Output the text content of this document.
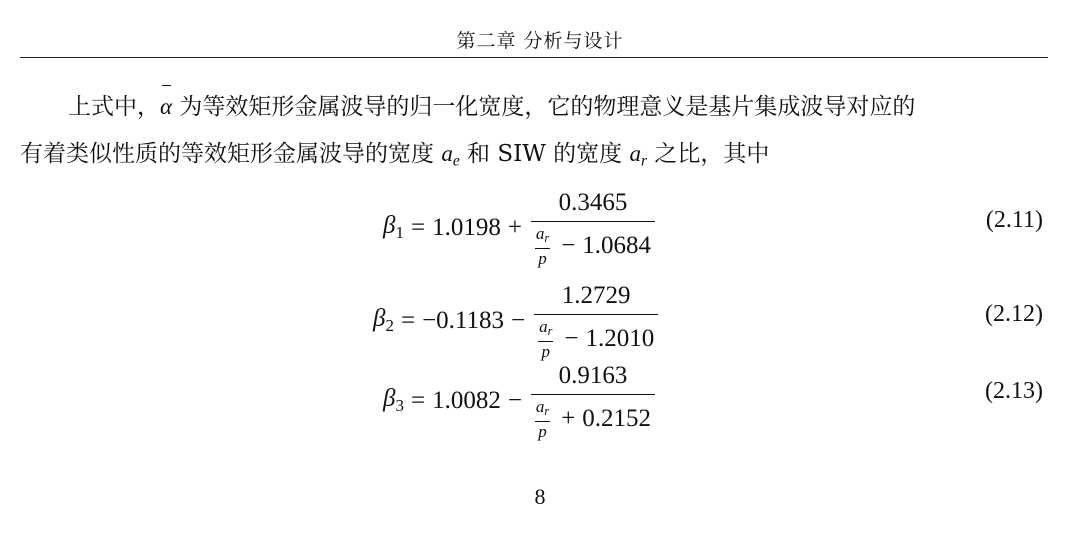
第二章 分析与设计
上式中，
α 为等效矩形金属波导的归一化宽度，它的物理意义是基片集成波导对应的
有着类似性质的等效矩形金属波导的宽度 $a_e$ 和 SIW 的宽度 $a_r$ 之比，其中
$\beta_1 = 1.0198 + \frac{0.3465}{\frac{a_r}{p} - 1.0684}$	(2.11)
$\beta_2 = -0.1183 - \frac{1.2729}{\frac{a_r}{p} - 1.2010}$	(2.12)
$\beta_3 = 1.0082 - \frac{0.9163}{\frac{a_r}{p} + 0.2152}$	(2.13)
8
